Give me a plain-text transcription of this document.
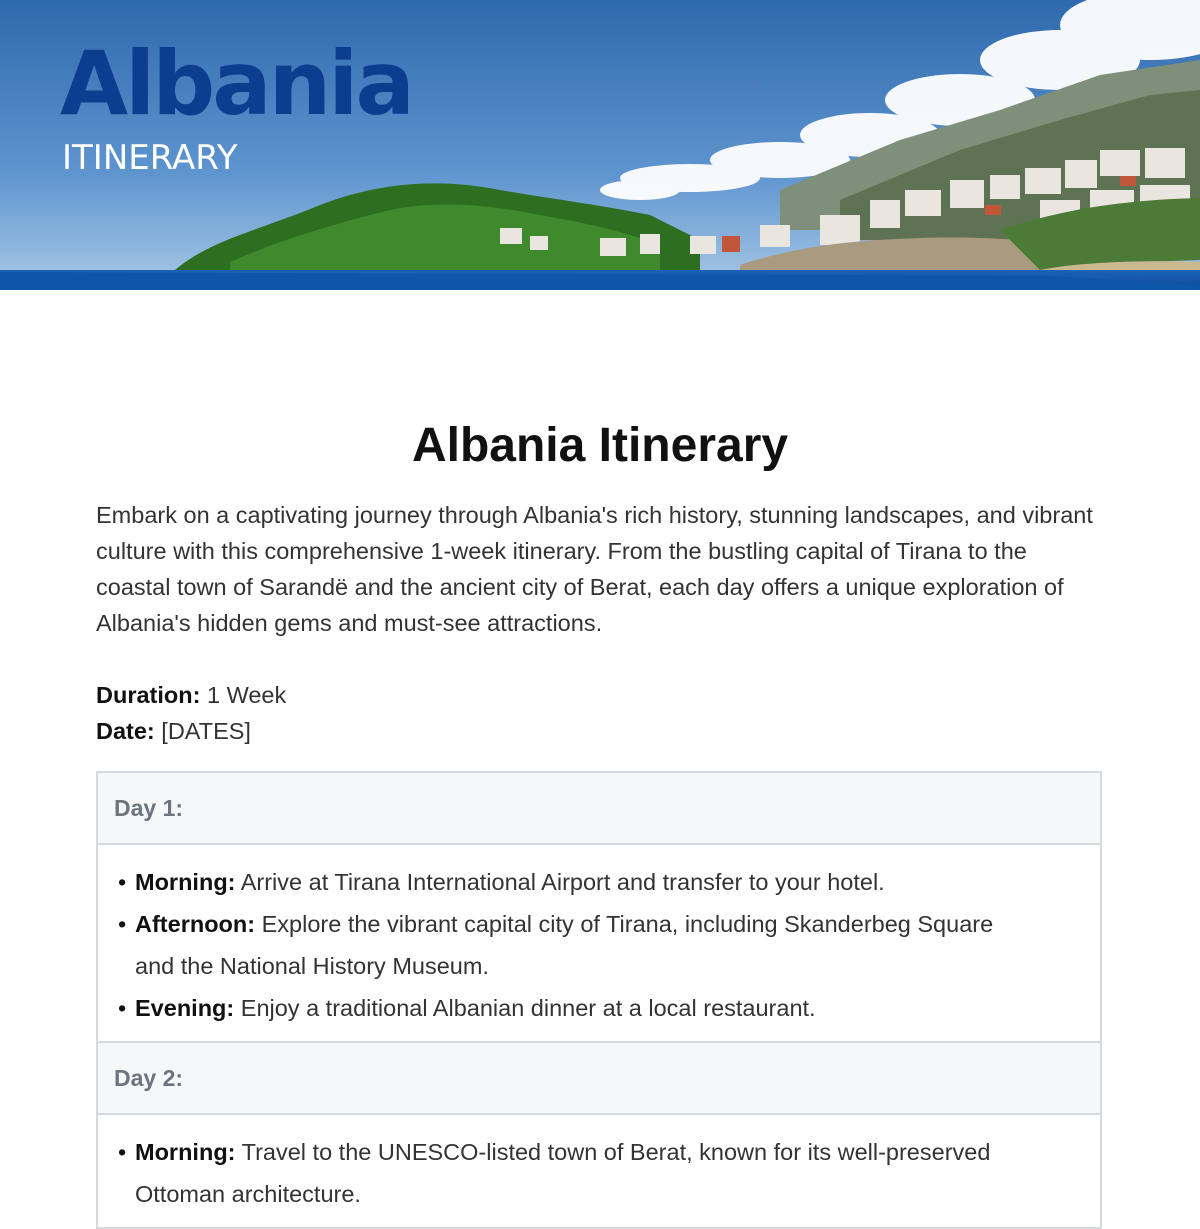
Albania
ITINERARY
Albania Itinerary

Embark on a captivating journey through Albania's rich history, stunning landscapes, and vibrant culture with this comprehensive 1-week itinerary. From the bustling capital of Tirana to the coastal town of Sarandë and the ancient city of Berat, each day offers a unique exploration of Albania's hidden gems and must-see attractions.

Duration: 1 Week
Date: [DATES]
Day 1:
• Morning: Arrive at Tirana International Airport and transfer to your hotel.
• Afternoon: Explore the vibrant capital city of Tirana, including Skanderbeg Square and the National History Museum.
• Evening: Enjoy a traditional Albanian dinner at a local restaurant.
Day 2:
• Morning: Travel to the UNESCO-listed town of Berat, known for its well-preserved Ottoman architecture.
